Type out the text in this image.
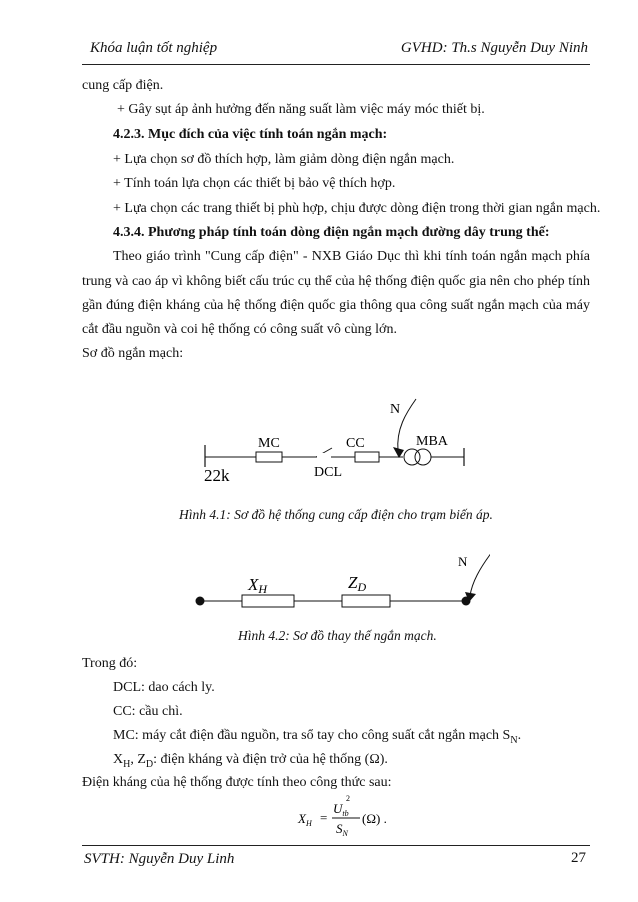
Khóa luận tốt nghiệp	GVHD: Th.s Nguyễn Duy Ninh
cung cấp điện.
+ Gây sụt áp ảnh hưởng đến năng suất làm việc máy móc thiết bị.
4.2.3. Mục đích của việc tính toán ngắn mạch:
+ Lựa chọn sơ đồ thích hợp, làm giảm dòng điện ngắn mạch.
+ Tính toán lựa chọn các thiết bị bảo vệ thích hợp.
+ Lựa chọn các trang thiết bị phù hợp, chịu được dòng điện trong thời gian ngắn mạch.
4.3.4. Phương pháp tính toán dòng điện ngắn mạch đường dây trung thế:
Theo giáo trình "Cung cấp điện" - NXB Giáo Dục thì khi tính toán ngắn mạch phía
trung và cao áp vì không biết cấu trúc cụ thể của hệ thống điện quốc gia nên cho phép tính
gần đúng điện kháng của hệ thống điện quốc gia thông qua công suất ngắn mạch của máy
cắt đầu nguồn và coi hệ thống có công suất vô cùng lớn.
Sơ đồ ngắn mạch:
N
MC	CC	MBA
22k	DCL
Hình 4.1: Sơ đồ hệ thống cung cấp điện cho trạm biến áp.
N
XH	ZD
Hình 4.2: Sơ đồ thay thế ngắn mạch.
Trong đó:
DCL: dao cách ly.
CC: cầu chì.
MC: máy cắt điện đầu nguồn, tra sổ tay cho công suất cắt ngắn mạch $S_N$.
$X_H$, $Z_D$: điện kháng và điện trở của hệ thống (Ω).
Điện kháng của hệ thống được tính theo công thức sau:
$X_H$ =
$U_{tb}$
2
$S_N$
(Ω) .
SVTH: Nguyễn Duy Linh	27
